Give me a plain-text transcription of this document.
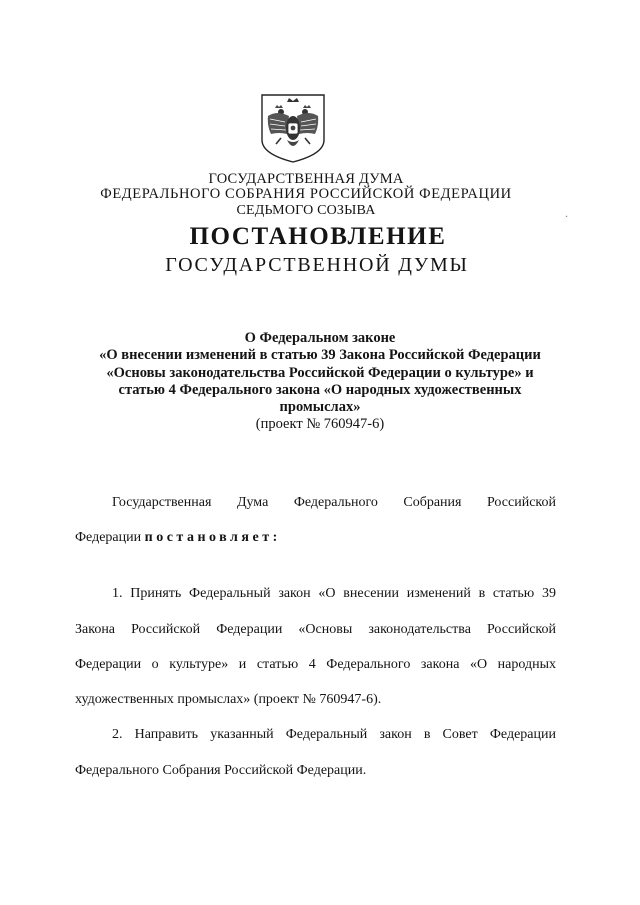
ГОСУДАРСТВЕННАЯ ДУМА
ФЕДЕРАЛЬНОГО СОБРАНИЯ РОССИЙСКОЙ ФЕДЕРАЦИИ
СЕДЬМОГО СОЗЫВА	.
ПОСТАНОВЛЕНИЕ
ГОСУДАРСТВЕННОЙ ДУМЫ
О Федеральном законе
«О внесении изменений в статью 39 Закона Российской Федерации
«Основы законодательства Российской Федерации о культуре» и
статью 4 Федерального закона «О народных художественных
промыслах»
(проект № 760947-6)
Государственная Дума Федерального Собрания Российской
Федерации постановляет:
1. Принять Федеральный закон «О внесении изменений в статью 39
Закона Российской Федерации «Основы законодательства Российской
Федерации о культуре» и статью 4 Федерального закона «О народных
художественных промыслах» (проект № 760947-6).
2. Направить указанный Федеральный закон в Совет Федерации
Федерального Собрания Российской Федерации.
